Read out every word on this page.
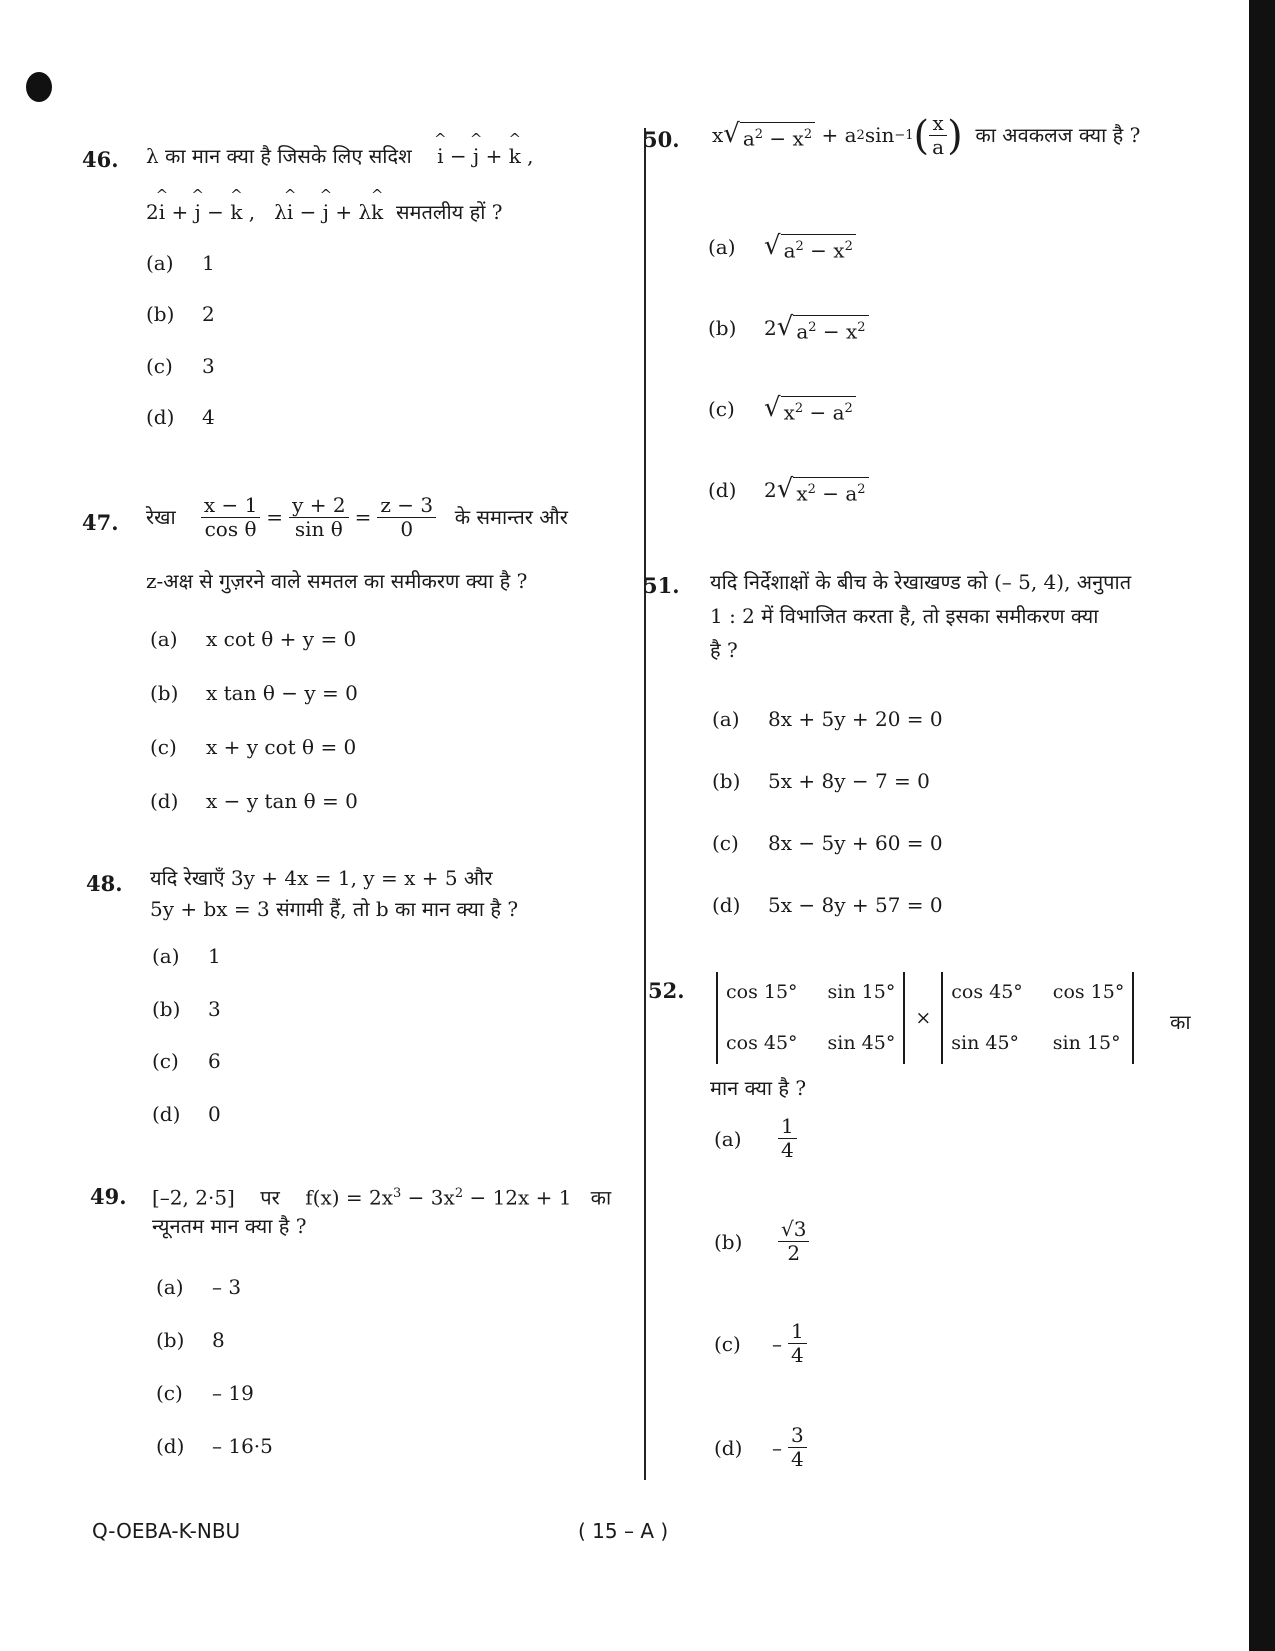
46. λ का मान क्या है जिसके लिए सदिश ^ i − ^ j + ^ k ,
2^ i + ^ j − ^ k ,   λ^ i − ^ j + λ^ k समतलीय हों ?
(a)	1
(b)	2
(c)	3
(d)	4
47. रेखा
$\frac{x - 1}{\text{cos θ}} = \frac{y + 2}{\text{sin θ}} = \frac{z - 3}{0}$
के समान्तर और
z-अक्ष से गुज़रने वाले समतल का समीकरण क्या है ?
(a)	x cot θ + y = 0
(b)	x tan θ − y = 0
(c)	x + y cot θ = 0
(d)	x − y tan θ = 0
48. यदि रेखाएँ 3y + 4x = 1, y = x + 5 और
5y + bx = 3 संगामी हैं, तो b का मान क्या है ?
(a)	1
(b)	3
(c)	6
(d)	0
49. [–2, 2·5] पर    $f(x) = 2x^3 - 3x^2 - 12x + 1$   का
न्यूनतम मान क्या है ?
(a)	– 3
(b)	8
(c)	– 19
(d)	– 16·5
50. x √ $a^2 - x^2 + a$ 2 sin −1 ( $\frac{x}{a}$ )
का अवकलज क्या है ?
(a)	√ $a^2 - x^2$
(b)	2 √ $a^2 - x^2$
(c)	√ $x^2 - a^2$
(d)	2 √ $x^2 - a^2$
51. यदि निर्देशाक्षों के बीच के रेखाखण्ड को (– 5, 4), अनुपात
1 : 2 में विभाजित करता है, तो इसका समीकरण क्या
है ?
(a)	8x + 5y + 20 = 0
(b)	5x + 8y − 7 = 0
(c)	8x − 5y + 60 = 0
(d)	5x − 8y + 57 = 0
52. cos 15° sin 15°
cos 45° sin 45°
×
cos 45° cos 15°
sin 45° sin 15°
का
मान क्या है ?
(a)	$\frac{1}{4}$
(b)	$\frac{√3}{2}$
(c)	– $\frac{1}{4}$
(d)	– $\frac{3}{4}$
Q-OEBA-K-NBU	( 15 – A )
